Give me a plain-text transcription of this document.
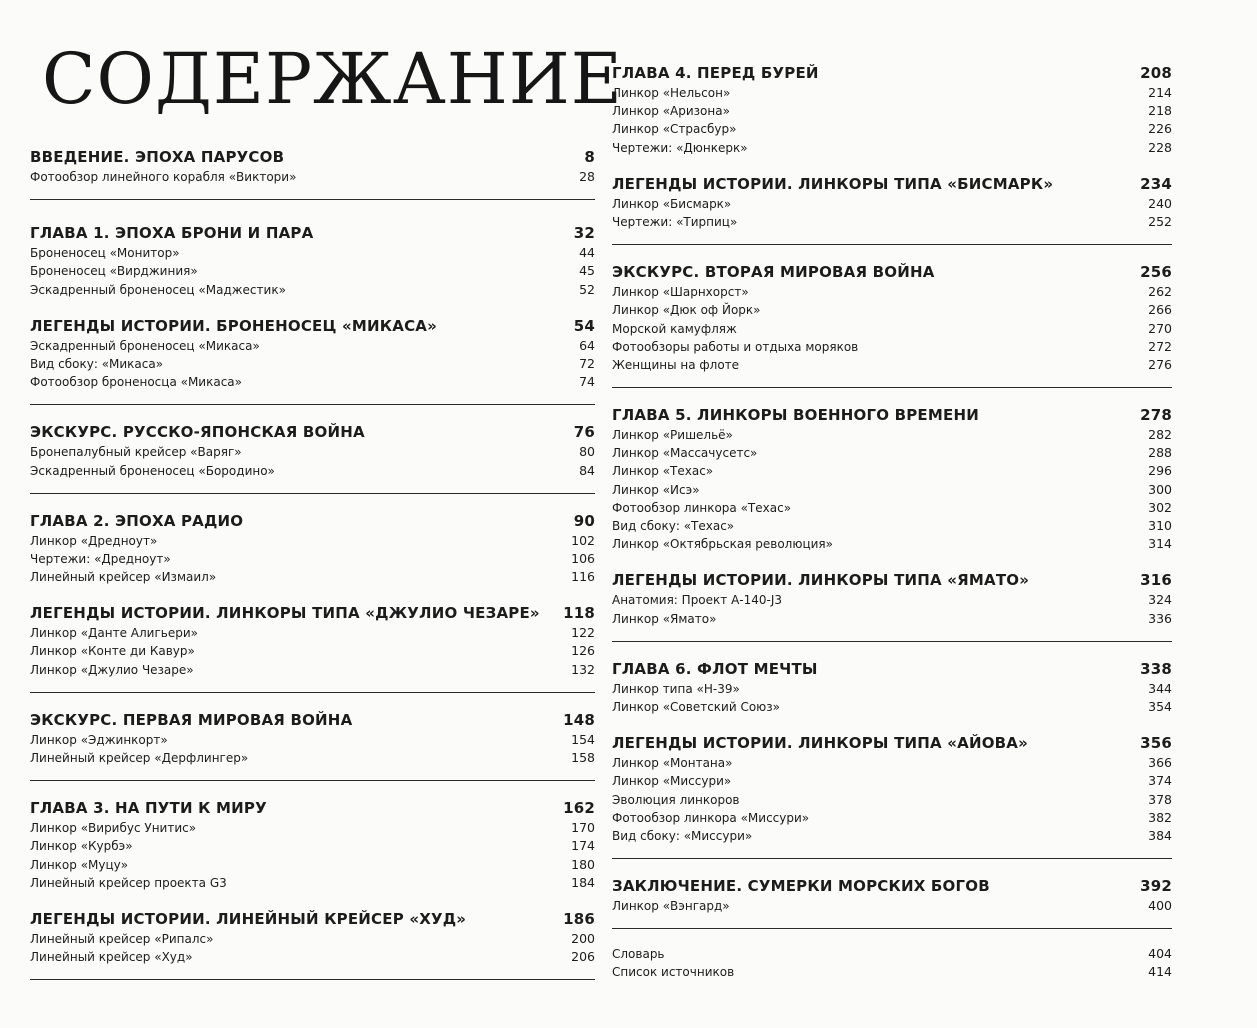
СОДЕРЖАНИЕ
ВВЕДЕНИЕ. ЭПОХА ПАРУСОВ	8
Фотообзор линейного корабля «Виктори»	28
ГЛАВА 1. ЭПОХА БРОНИ И ПАРА	32
Броненосец «Монитор»	44
Броненосец «Вирджиния»	45
Эскадренный броненосец «Маджестик»	52
ЛЕГЕНДЫ ИСТОРИИ. БРОНЕНОСЕЦ «МИКАСА»	54
Эскадренный броненосец «Микаса»	64
Вид сбоку: «Микаса»	72
Фотообзор броненосца «Микаса»	74
ЭКСКУРС. РУССКО-ЯПОНСКАЯ ВОЙНА	76
Бронепалубный крейсер «Варяг»	80
Эскадренный броненосец «Бородино»	84
ГЛАВА 2. ЭПОХА РАДИО	90
Линкор «Дредноут»	102
Чертежи: «Дредноут»	106
Линейный крейсер «Измаил»	116
ЛЕГЕНДЫ ИСТОРИИ. ЛИНКОРЫ ТИПА «ДЖУЛИО ЧЕЗАРЕ» 118
Линкор «Данте Алигьери»	122
Линкор «Конте ди Кавур»	126
Линкор «Джулио Чезаре»	132
ЭКСКУРС. ПЕРВАЯ МИРОВАЯ ВОЙНА	148
Линкор «Эджинкорт»	154
Линейный крейсер «Дерфлингер»	158
ГЛАВА 3. НА ПУТИ К МИРУ	162
Линкор «Вирибус Унитис»	170
Линкор «Курбэ»	174
Линкор «Муцу»	180
Линейный крейсер проекта G3	184
ЛЕГЕНДЫ ИСТОРИИ. ЛИНЕЙНЫЙ КРЕЙСЕР «ХУД»	186
Линейный крейсер «Рипалс»	200
Линейный крейсер «Худ»	206
ГЛАВА 4. ПЕРЕД БУРЕЙ	208
Линкор «Нельсон»	214
Линкор «Аризона»	218
Линкор «Страсбур»	226
Чертежи: «Дюнкерк»	228
ЛЕГЕНДЫ ИСТОРИИ. ЛИНКОРЫ ТИПА «БИСМАРК»	234
Линкор «Бисмарк»	240
Чертежи: «Тирпиц»	252
ЭКСКУРС. ВТОРАЯ МИРОВАЯ ВОЙНА	256
Линкор «Шарнхорст»	262
Линкор «Дюк оф Йорк»	266
Морской камуфляж	270
Фотообзоры работы и отдыха моряков	272
Женщины на флоте	276
ГЛАВА 5. ЛИНКОРЫ ВОЕННОГО ВРЕМЕНИ	278
Линкор «Ришельё»	282
Линкор «Массачусетс»	288
Линкор «Техас»	296
Линкор «Исэ»	300
Фотообзор линкора «Техас»	302
Вид сбоку: «Техас»	310
Линкор «Октябрьская революция»	314
ЛЕГЕНДЫ ИСТОРИИ. ЛИНКОРЫ ТИПА «ЯМАТО»	316
Анатомия: Проект А-140-J3	324
Линкор «Ямато»	336
ГЛАВА 6. ФЛОТ МЕЧТЫ	338
Линкор типа «Н-39»	344
Линкор «Советский Союз»	354
ЛЕГЕНДЫ ИСТОРИИ. ЛИНКОРЫ ТИПА «АЙОВА»	356
Линкор «Монтана»	366
Линкор «Миссури»	374
Эволюция линкоров	378
Фотообзор линкора «Миссури»	382
Вид сбоку: «Миссури»	384
ЗАКЛЮЧЕНИЕ. СУМЕРКИ МОРСКИХ БОГОВ	392
Линкор «Вэнгард»	400
Словарь	404
Список источников	414
